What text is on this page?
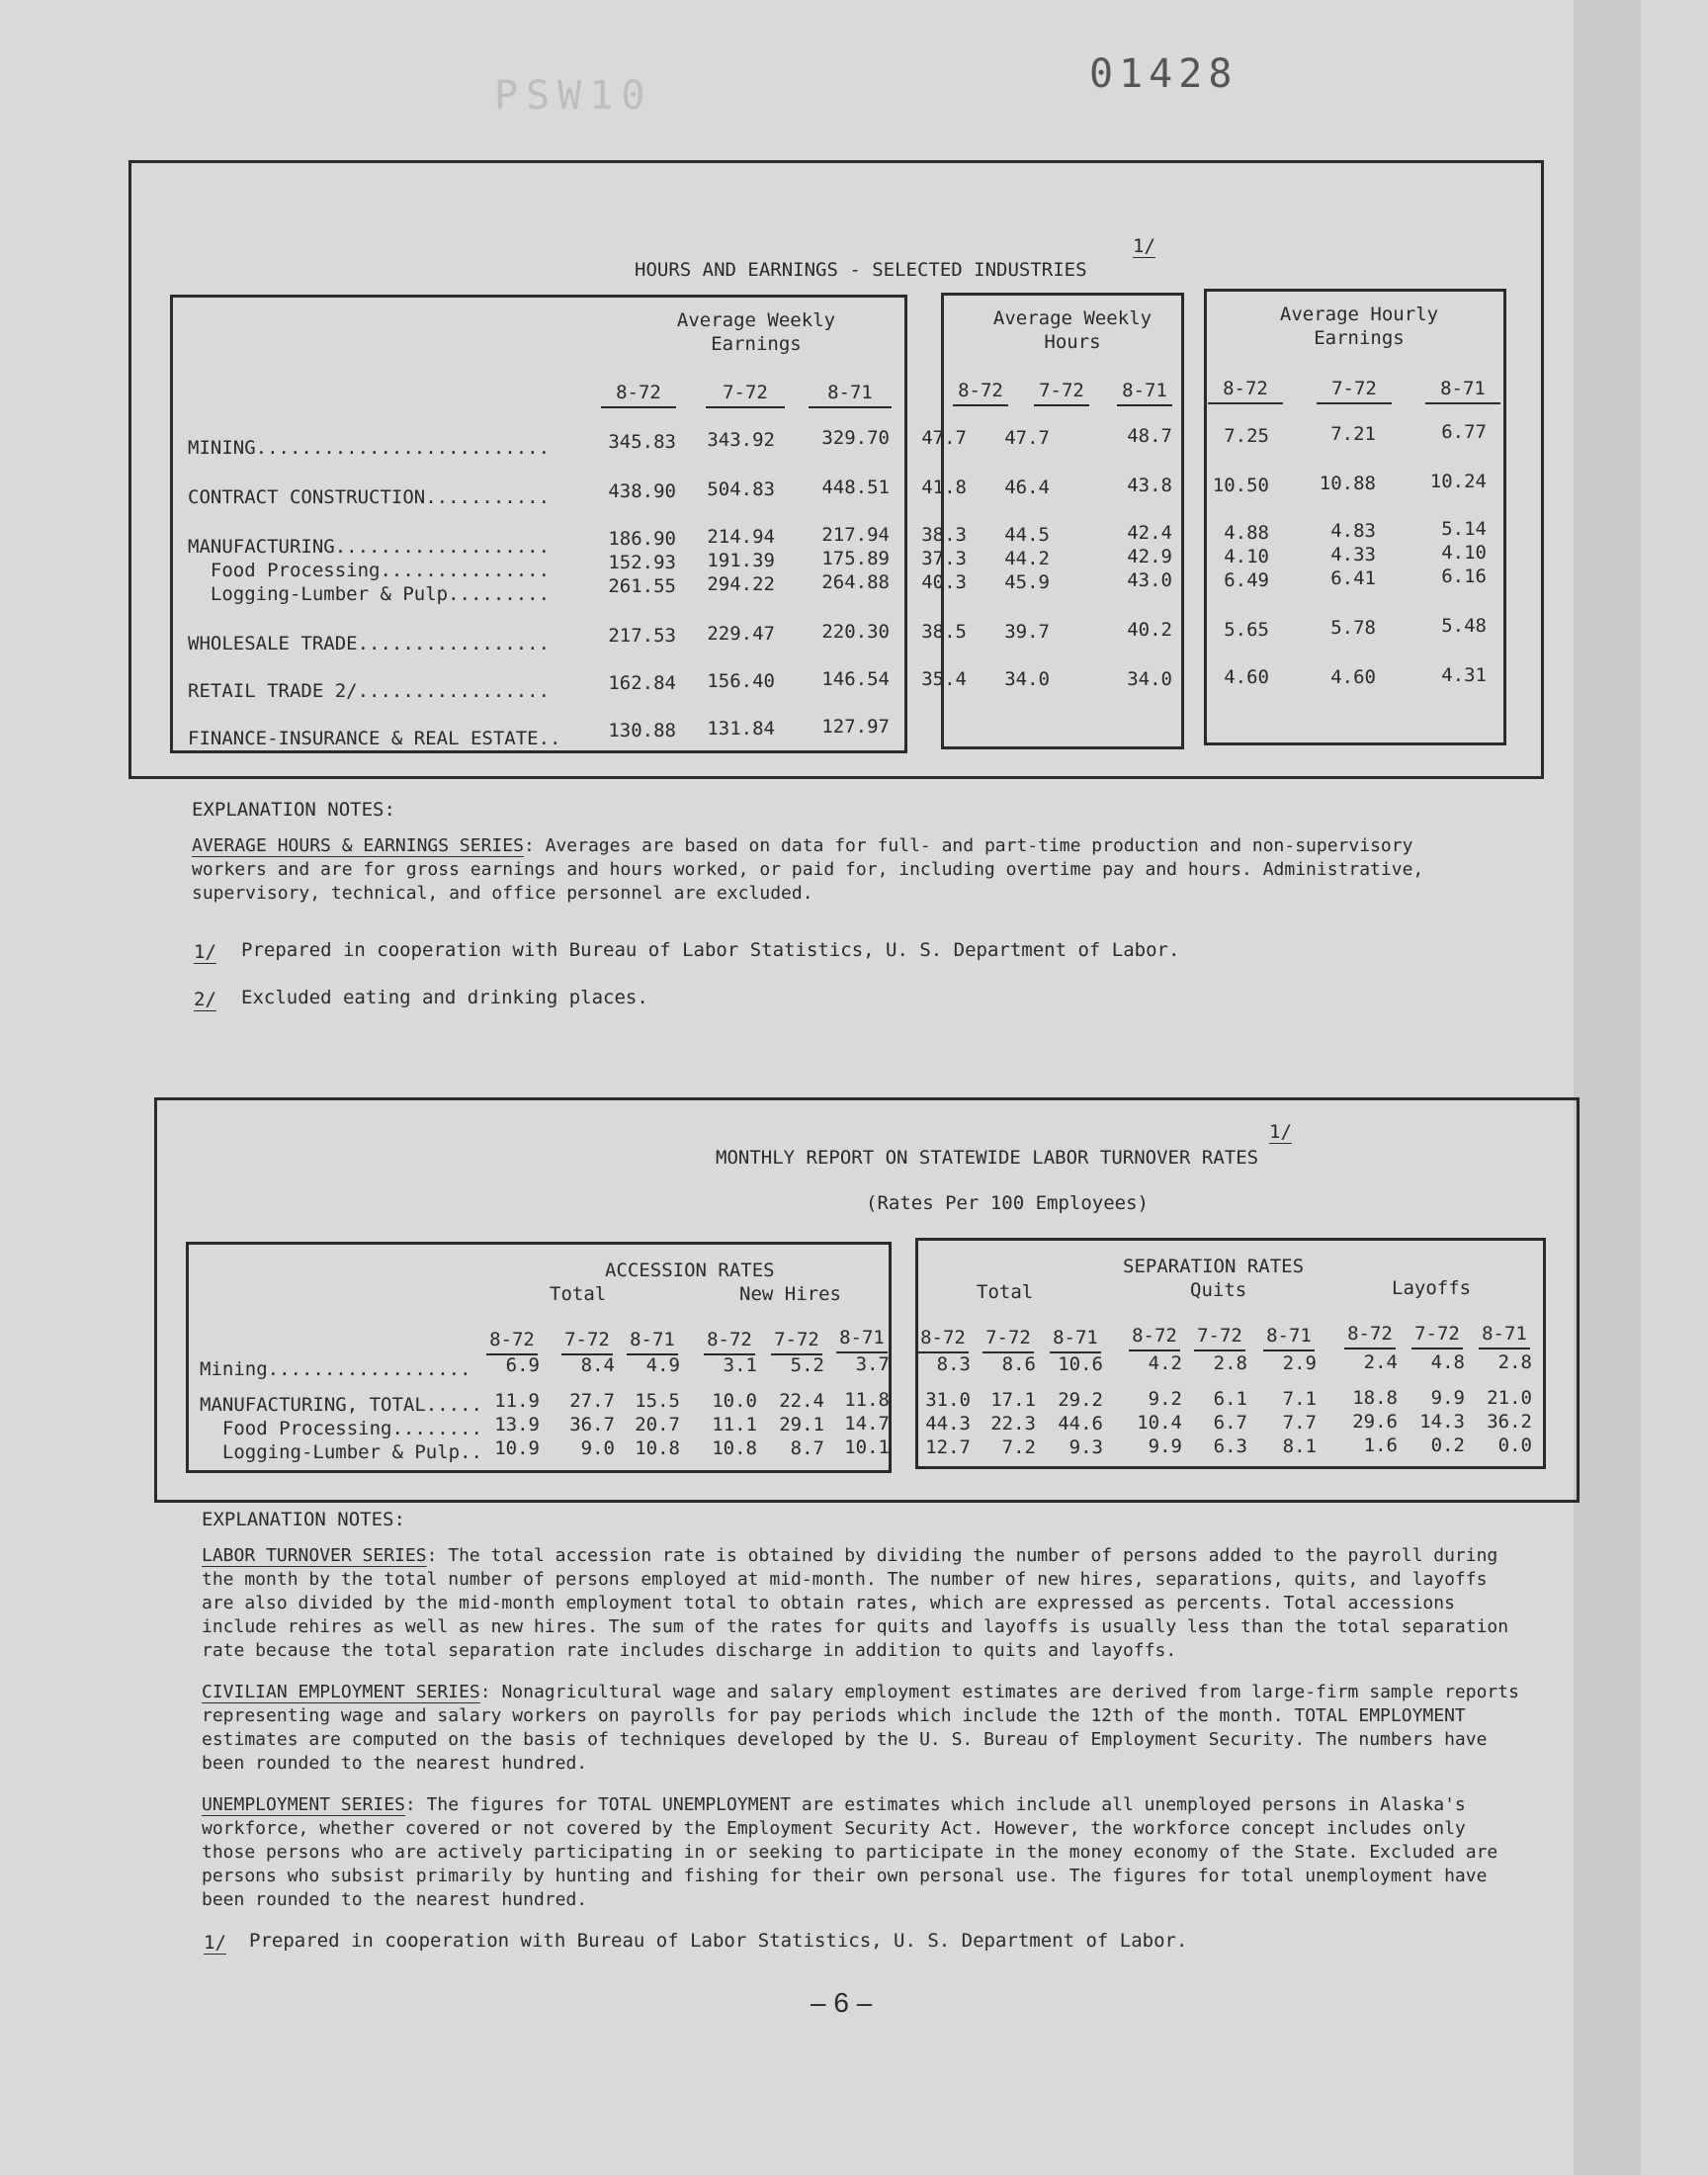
PSW10	01428
HOURS AND EARNINGS - SELECTED INDUSTRIES
1/
Average Weekly
Earnings
Average Weekly
Hours
Average Hourly
Earnings
8-72	7-72	8-71	8-72 7-72 8-71	8-72	7-72	8-71
MINING..........................	345.83	343.92	329.70	47.7	47.7	48.7	7.25	7.21	6.77
CONTRACT CONSTRUCTION...........	438.90	504.83	448.51	41.8	46.4	43.8	10.50	10.88	10.24
MANUFACTURING...................	186.90	214.94	217.94	38.3	44.5	42.4	4.88	4.83	5.14
Food Processing...............	152.93	191.39	175.89	37.3	44.2	42.9	4.10	4.33	4.10
Logging-Lumber & Pulp.........	261.55	294.22	264.88	40.3	45.9	43.0	6.49	6.41	6.16
WHOLESALE TRADE.................	217.53	229.47	220.30	38.5	39.7	40.2	5.65	5.78	5.48
RETAIL TRADE 2/.................	162.84	156.40	146.54	35.4	34.0	34.0	4.60	4.60	4.31
FINANCE-INSURANCE & REAL ESTATE..	130.88	131.84	127.97
EXPLANATION NOTES:
AVERAGE HOURS & EARNINGS SERIES: Averages are based on data for full- and part-time production and non-supervisory workers and are for gross earnings and hours worked, or paid for, including overtime pay and hours. Administrative, supervisory, technical, and office personnel are excluded.
1/ Prepared in cooperation with Bureau of Labor Statistics, U. S. Department of Labor.
2/ Excluded eating and drinking places.
MONTHLY REPORT ON STATEWIDE LABOR TURNOVER RATES
1/
(Rates Per 100 Employees)
ACCESSION RATES
Total	New Hires
SEPARATION RATES
Total	Quits	Layoffs
8-72 7-72 8-71 8-72 7-72 8-71 8-72 7-72 8-71 8-72 7-72 8-71 8-72 7-72 8-71
Mining..................	6.9	8.4	4.9	3.1	5.2	3.7	8.3	8.6	10.6	4.2	2.8	2.9	2.4	4.8	2.8
MANUFACTURING, TOTAL..... 11.9	27.7	15.5	10.0	22.4	11.8	31.0	17.1	29.2	9.2	6.1	7.1	18.8	9.9	21.0
Food Processing........ 13.9	36.7	20.7	11.1	29.1	14.7	44.3	22.3	44.6	10.4	6.7	7.7	29.6	14.3	36.2
Logging-Lumber & Pulp.. 10.9	9.0	10.8	10.8	8.7	10.1	12.7	7.2	9.3	9.9	6.3	8.1	1.6	0.2	0.0
EXPLANATION NOTES:
LABOR TURNOVER SERIES: The total accession rate is obtained by dividing the number of persons added to the payroll during the month by the total number of persons employed at mid-month. The number of new hires, separations, quits, and layoffs are also divided by the mid-month employment total to obtain rates, which are expressed as percents. Total accessions include rehires as well as new hires. The sum of the rates for quits and layoffs is usually less than the total separation rate because the total separation rate includes discharge in addition to quits and layoffs.
CIVILIAN EMPLOYMENT SERIES: Nonagricultural wage and salary employment estimates are derived from large-firm sample reports representing wage and salary workers on payrolls for pay periods which include the 12th of the month. TOTAL EMPLOYMENT estimates are computed on the basis of techniques developed by the U. S. Bureau of Employment Security. The numbers have been rounded to the nearest hundred.
UNEMPLOYMENT SERIES: The figures for TOTAL UNEMPLOYMENT are estimates which include all unemployed persons in Alaska's workforce, whether covered or not covered by the Employment Security Act. However, the workforce concept includes only those persons who are actively participating in or seeking to participate in the money economy of the State. Excluded are persons who subsist primarily by hunting and fishing for their own personal use. The figures for total unemployment have been rounded to the nearest hundred.
1/ Prepared in cooperation with Bureau of Labor Statistics, U. S. Department of Labor.
– 6 –
